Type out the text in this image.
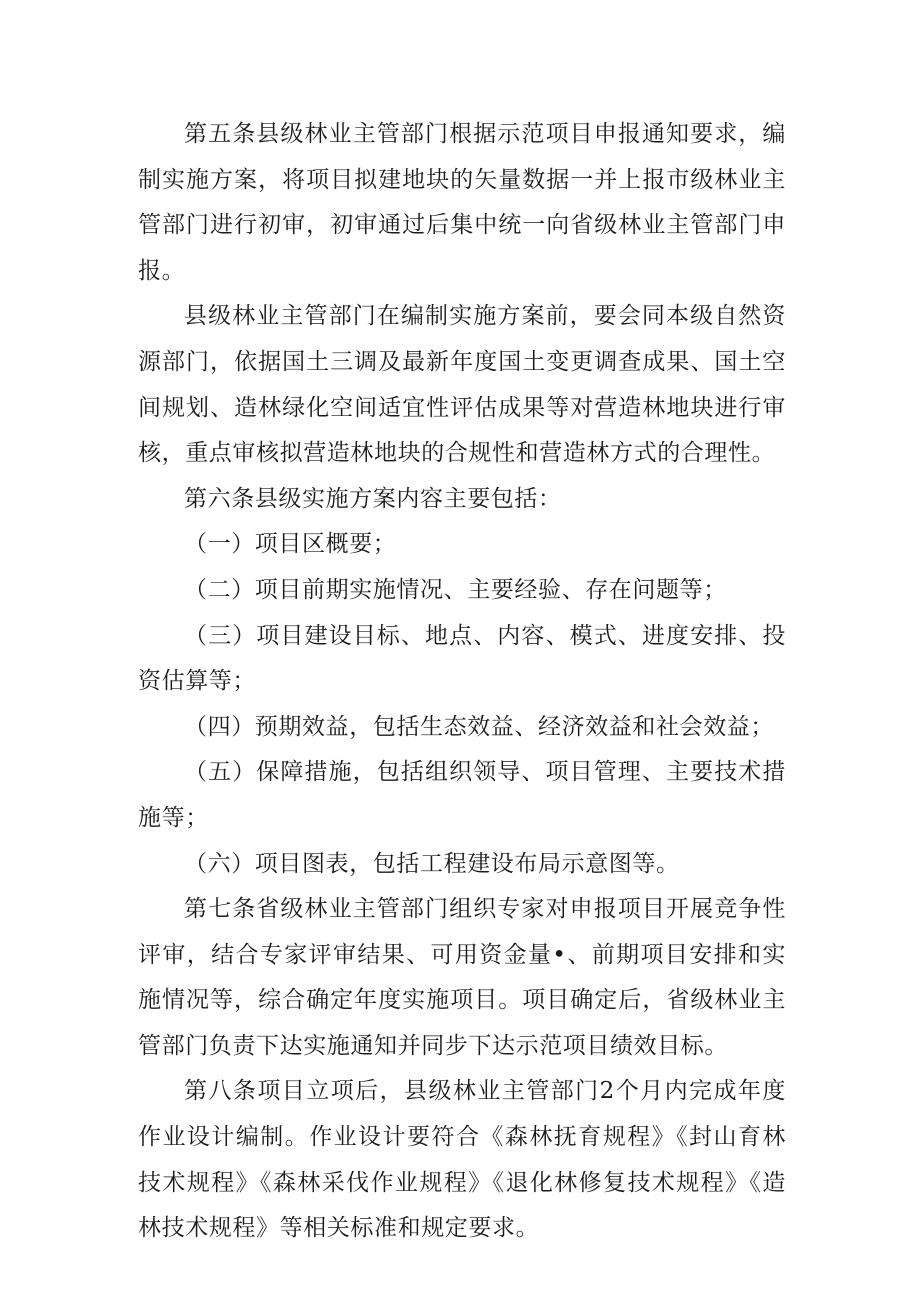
第五条县级林业主管部门根据示范项目申报通知要求，编制实施方案，将项目拟建地块的矢量数据一并上报市级林业主管部门进行初审，初审通过后集中统一向省级林业主管部门申报。

县级林业主管部门在编制实施方案前，要会同本级自然资源部门，依据国土三调及最新年度国土变更调查成果、国土空间规划、造林绿化空间适宜性评估成果等对营造林地块进行审核，重点审核拟营造林地块的合规性和营造林方式的合理性。

第六条县级实施方案内容主要包括：

（一）项目区概要；

（二）项目前期实施情况、主要经验、存在问题等；

（三）项目建设目标、地点、内容、模式、进度安排、投资估算等；

（四）预期效益，包括生态效益、经济效益和社会效益；

（五）保障措施，包括组织领导、项目管理、主要技术措施等；

（六）项目图表，包括工程建设布局示意图等。

第七条省级林业主管部门组织专家对申报项目开展竞争性评审，结合专家评审结果、可用资金量•、前期项目安排和实施情况等，综合确定年度实施项目。项目确定后，省级林业主管部门负责下达实施通知并同步下达示范项目绩效目标。

第八条项目立项后，县级林业主管部门2个月内完成年度作业设计编制。作业设计要符合《森林抚育规程》《封山育林技术规程》《森林采伐作业规程》《退化林修复技术规程》《造林技术规程》等相关标准和规定要求。
